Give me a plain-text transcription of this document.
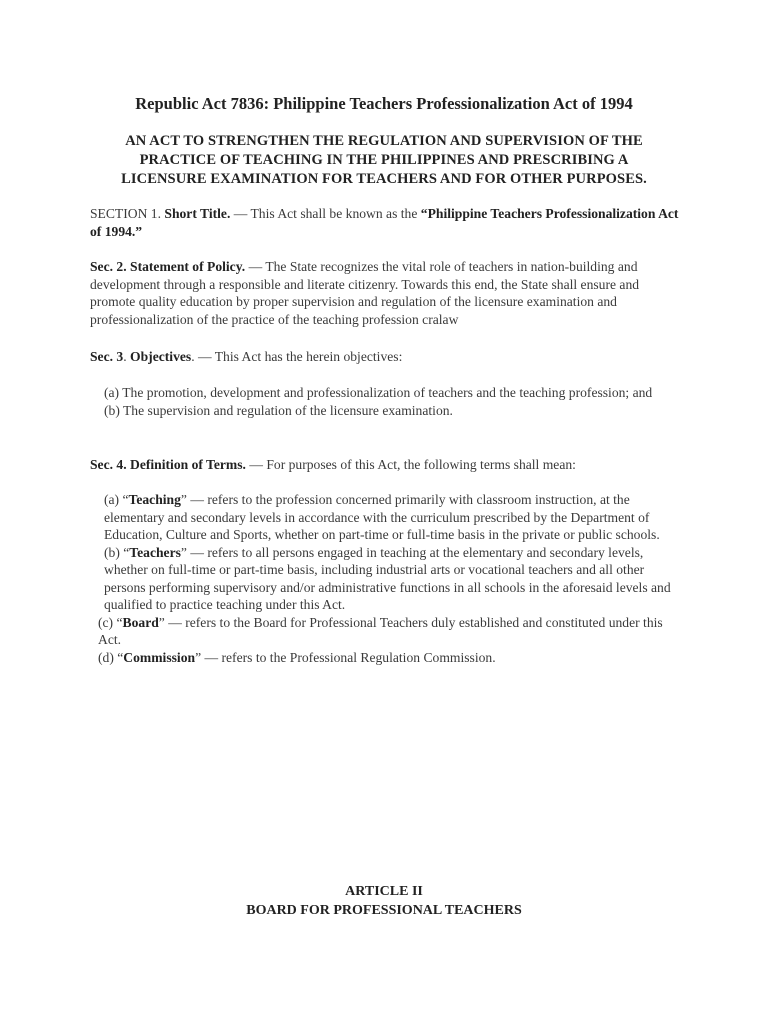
Republic Act 7836: Philippine Teachers Professionalization Act of 1994
AN ACT TO STRENGTHEN THE REGULATION AND SUPERVISION OF THE PRACTICE OF TEACHING IN THE PHILIPPINES AND PRESCRIBING A LICENSURE EXAMINATION FOR TEACHERS AND FOR OTHER PURPOSES.
SECTION 1. Short Title. — This Act shall be known as the “Philippine Teachers Professionalization Act of 1994.”
Sec. 2. Statement of Policy. — The State recognizes the vital role of teachers in nation-building and development through a responsible and literate citizenry. Towards this end, the State shall ensure and promote quality education by proper supervision and regulation of the licensure examination and professionalization of the practice of the teaching profession cralaw
Sec. 3. Objectives. — This Act has the herein objectives:

(a) The promotion, development and professionalization of teachers and the teaching profession; and

(b) The supervision and regulation of the licensure examination.

Sec. 4. Definition of Terms. — For purposes of this Act, the following terms shall mean:

(a) “Teaching” — refers to the profession concerned primarily with classroom instruction, at the elementary and secondary levels in accordance with the curriculum prescribed by the Department of Education, Culture and Sports, whether on part-time or full-time basis in the private or public schools.

(b) “Teachers” — refers to all persons engaged in teaching at the elementary and secondary levels, whether on full-time or part-time basis, including industrial arts or vocational teachers and all other persons performing supervisory and/or administrative functions in all schools in the aforesaid levels and qualified to practice teaching under this Act.

(c) “Board” — refers to the Board for Professional Teachers duly established and constituted under this Act.

(d) “Commission” — refers to the Professional Regulation Commission.

ARTICLE II
BOARD FOR PROFESSIONAL TEACHERS
